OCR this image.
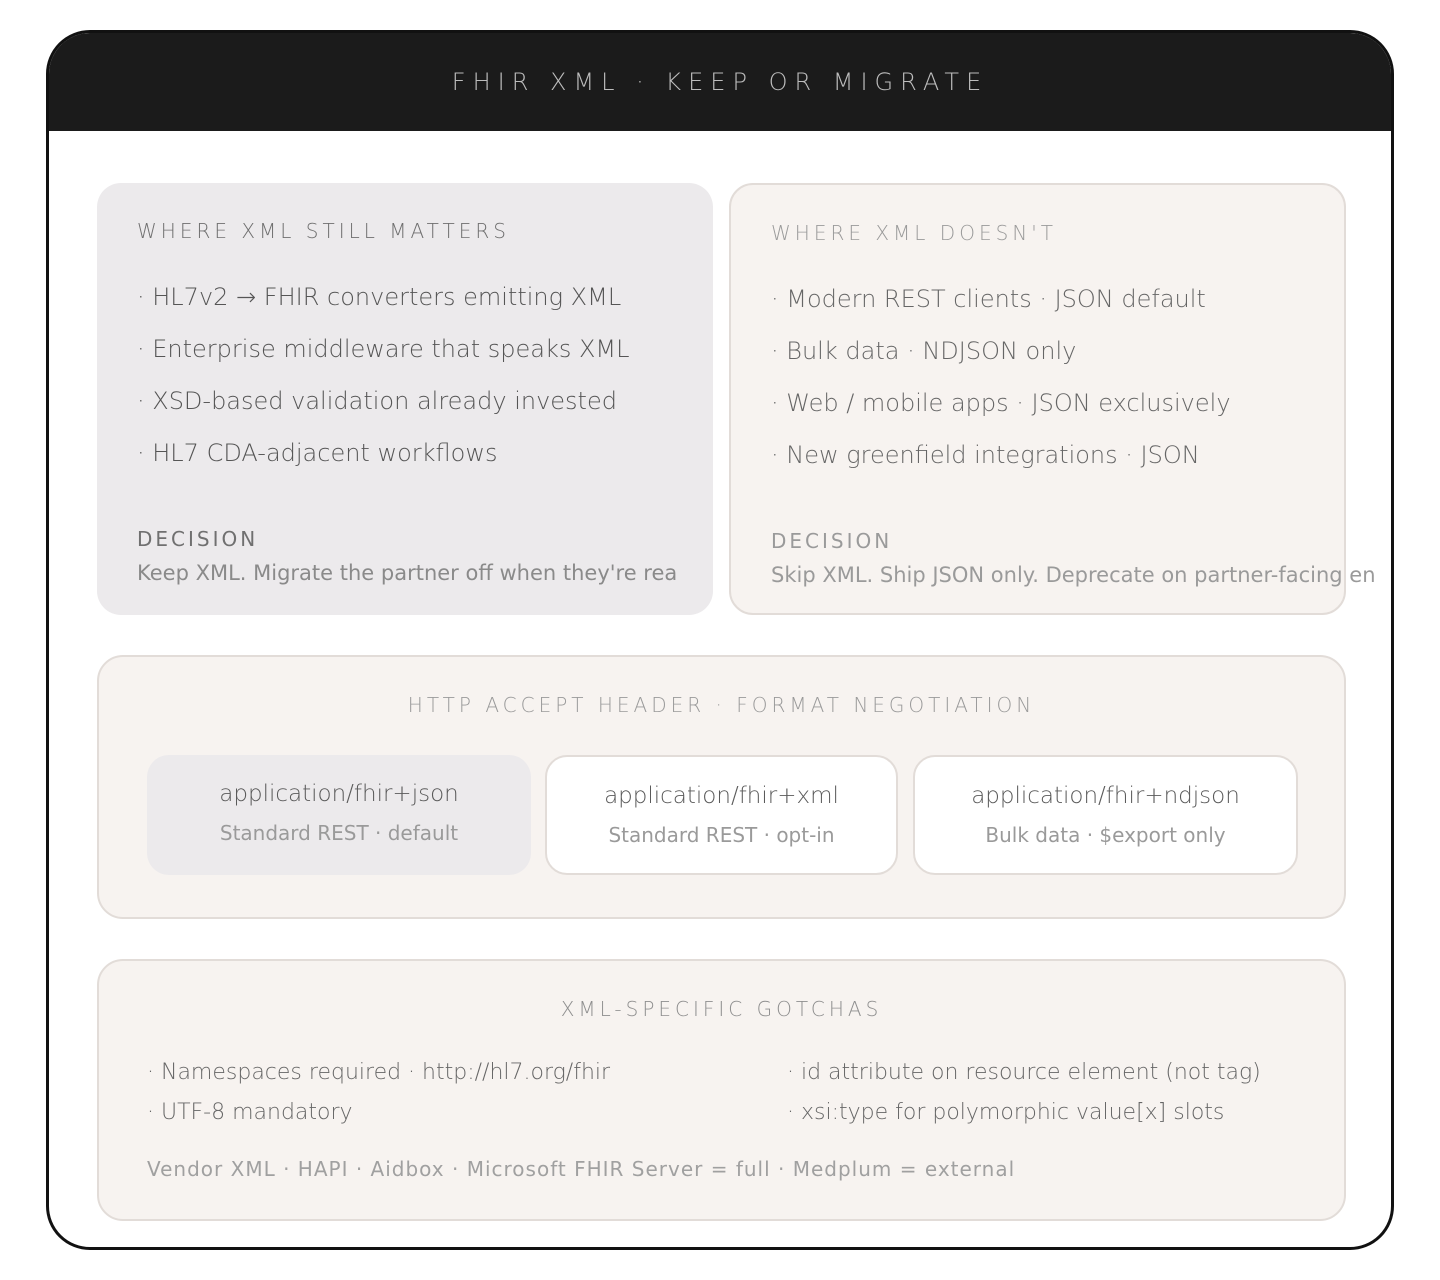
FHIR XML · KEEP OR MIGRATE
WHERE XML STILL MATTERS
· HL7v2 → FHIR converters emitting XML
· Enterprise middleware that speaks XML
· XSD-based validation already invested
· HL7 CDA-adjacent workflows
DECISION
Keep XML. Migrate the partner off when they're rea
WHERE XML DOESN'T
· Modern REST clients · JSON default
· Bulk data · NDJSON only
· Web / mobile apps · JSON exclusively
· New greenfield integrations · JSON
DECISION
Skip XML. Ship JSON only. Deprecate on partner-facing en
HTTP ACCEPT HEADER · FORMAT NEGOTIATION
application/fhir+json
Standard REST · default
application/fhir+xml
Standard REST · opt-in
application/fhir+ndjson
Bulk data · $export only
XML-SPECIFIC GOTCHAS
· Namespaces required · http://hl7.org/fhir
· UTF-8 mandatory
· id attribute on resource element (not tag)
· xsi:type for polymorphic value[x] slots
Vendor XML · HAPI · Aidbox · Microsoft FHIR Server = full · Medplum = external
